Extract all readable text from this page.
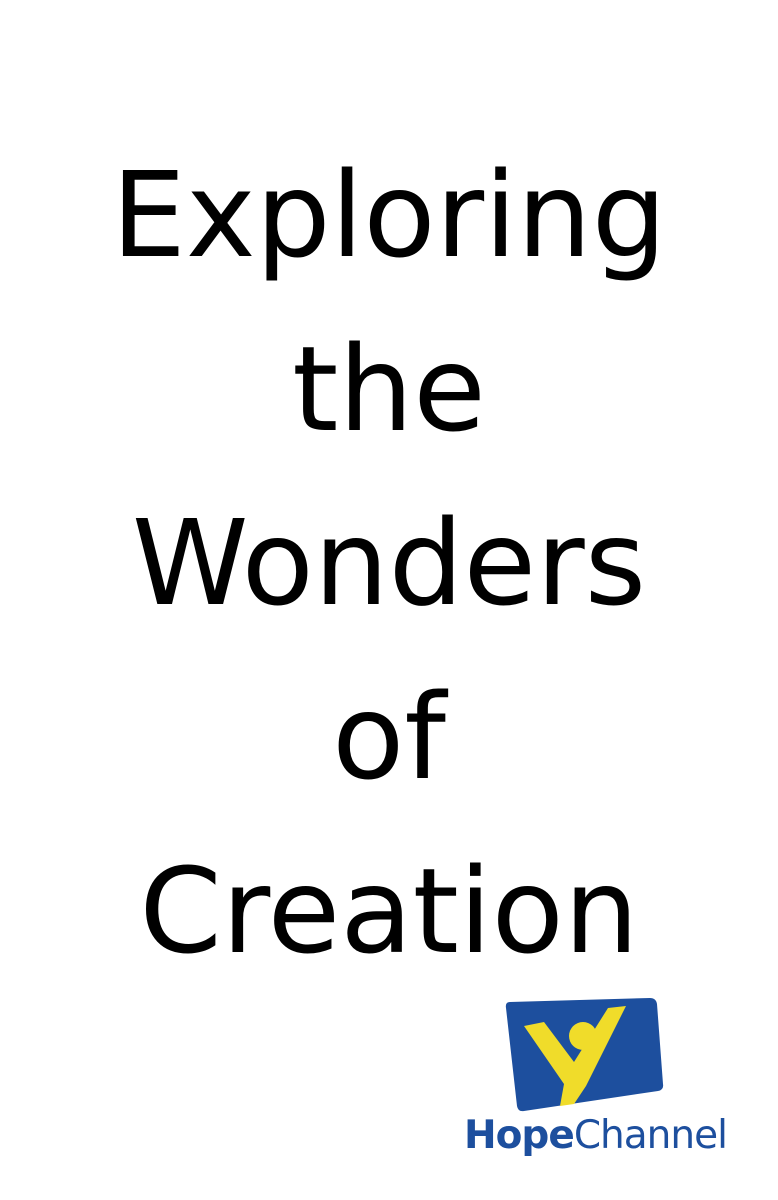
Exploring
the
Wonders
of
Creation
HopeChannel
